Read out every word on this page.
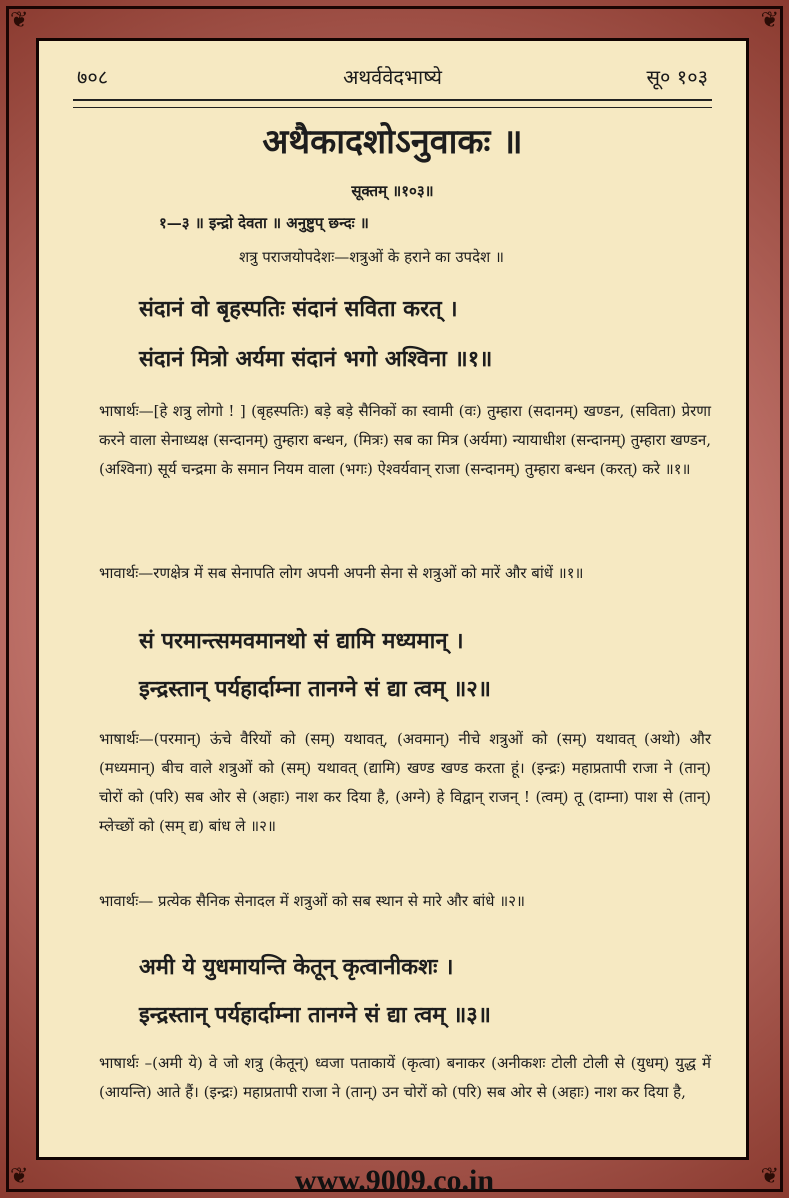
❦	❦
❦	❦
७०८	अथर्ववेदभाष्ये	सू० १०३
अथैकादशोऽनुवाकः ॥
सूक्तम् ॥१०३॥
१—३ ॥ इन्द्रो देवता ॥ अनुष्टुप् छन्दः ॥
शत्रु पराजयोपदेशः—शत्रुओं के हराने का उपदेश ॥
संदानं वो बृहस्पतिः संदानं सविता करत् ।
संदानं मित्रो अर्यमा संदानं भगो अश्विना ॥१॥
भाषार्थः—[हे शत्रु लोगो ! ] (बृहस्पतिः) बड़े बड़े सैनिकों का स्वामी (वः) तुम्हारा (सदानम्) खण्डन, (सविता) प्रेरणा करने वाला सेनाध्यक्ष (सन्दानम्) तुम्हारा बन्धन, (मित्रः) सब का मित्र (अर्यमा) न्यायाधीश (सन्दानम्) तुम्हारा खण्डन, (अश्विना) सूर्य चन्द्रमा के समान नियम वाला (भगः) ऐश्वर्यवान् राजा (सन्दानम्) तुम्हारा बन्धन (करत्) करे ॥१॥
भावार्थः—रणक्षेत्र में सब सेनापति लोग अपनी अपनी सेना से शत्रुओं को मारें और बांधें ॥१॥
सं परमान्त्समवमानथो सं द्यामि मध्यमान् ।
इन्द्रस्तान् पर्यहार्दाम्ना तानग्ने सं द्या त्वम् ॥२॥
भाषार्थः—(परमान्) ऊंचे वैरियों को (सम्) यथावत्, (अवमान्) नीचे शत्रुओं को (सम्) यथावत् (अथो) और (मध्यमान्) बीच वाले शत्रुओं को (सम्) यथावत् (द्यामि) खण्ड खण्ड करता हूं। (इन्द्रः) महाप्रतापी राजा ने (तान्) चोरों को (परि) सब ओर से (अहाः) नाश कर दिया है, (अग्ने) हे विद्वान् राजन् ! (त्वम्) तू (दाम्ना) पाश से (तान्) म्लेच्छों को (सम् द्य) बांध ले ॥२॥
भावार्थः— प्रत्येक सैनिक सेनादल में शत्रुओं को सब स्थान से मारे और बांधे ॥२॥
अमी ये युधमायन्ति केतून् कृत्वानीकशः ।
इन्द्रस्तान् पर्यहार्दाम्ना तानग्ने सं द्या त्वम् ॥३॥
भाषार्थः –(अमी ये) वे जो शत्रु (केतून्) ध्वजा पताकायें (कृत्वा) बनाकर (अनीकशः टोली टोली से (युधम्) युद्ध में (आयन्ति) आते हैं। (इन्द्रः) महाप्रतापी राजा ने (तान्) उन चोरों को (परि) सब ओर से (अहाः) नाश कर दिया है,
www.9009.co.in
